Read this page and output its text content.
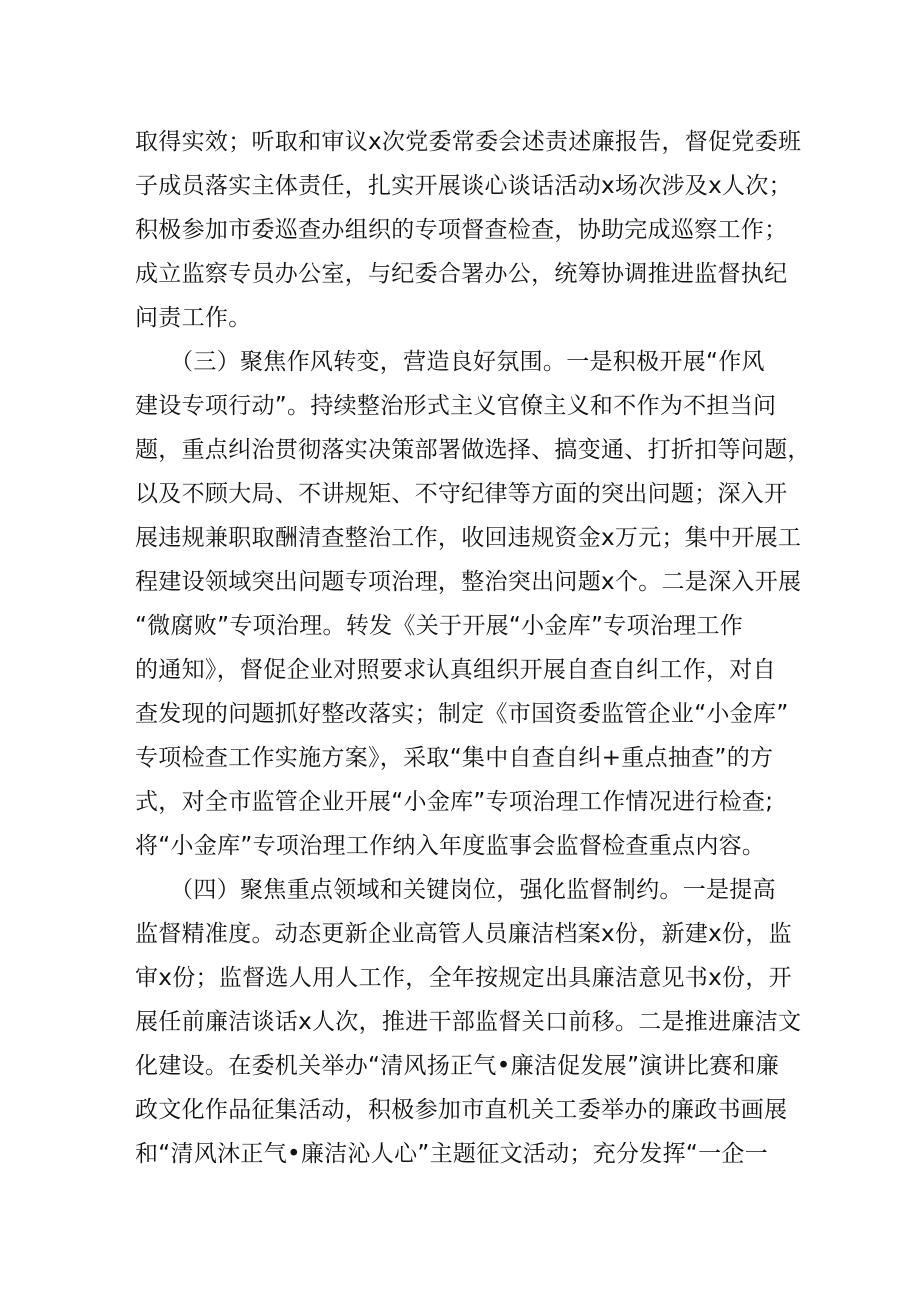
取得实效；听取和审议x次党委常委会述责述廉报告，督促党委班
子成员落实主体责任，扎实开展谈心谈话活动x场次涉及x人次；
积极参加市委巡查办组织的专项督查检查，协助完成巡察工作；
成立监察专员办公室，与纪委合署办公，统筹协调推进监督执纪
问责工作。
　　（三）聚焦作风转变，营造良好氛围。一是积极开展“作风
建设专项行动”。持续整治形式主义官僚主义和不作为不担当问
题，重点纠治贯彻落实决策部署做选择、搞变通、打折扣等问题，
以及不顾大局、不讲规矩、不守纪律等方面的突出问题；深入开
展违规兼职取酬清查整治工作，收回违规资金x万元；集中开展工
程建设领域突出问题专项治理，整治突出问题x个。二是深入开展
“微腐败”专项治理。转发《关于开展“小金库”专项治理工作
的通知》，督促企业对照要求认真组织开展自查自纠工作，对自
查发现的问题抓好整改落实；制定《市国资委监管企业“小金库”
专项检查工作实施方案》，采取“集中自查自纠+重点抽查”的方
式，对全市监管企业开展“小金库”专项治理工作情况进行检查;
将“小金库”专项治理工作纳入年度监事会监督检查重点内容。
　　（四）聚焦重点领域和关键岗位，强化监督制约。一是提高
监督精准度。动态更新企业高管人员廉洁档案x份，新建x份，监
审x份；监督选人用人工作，全年按规定出具廉洁意见书x份，开
展任前廉洁谈话x人次，推进干部监督关口前移。二是推进廉洁文
化建设。在委机关举办“清风扬正气•廉洁促发展”演讲比赛和廉
政文化作品征集活动，积极参加市直机关工委举办的廉政书画展
和“清风沐正气•廉洁沁人心”主题征文活动；充分发挥“一企一
